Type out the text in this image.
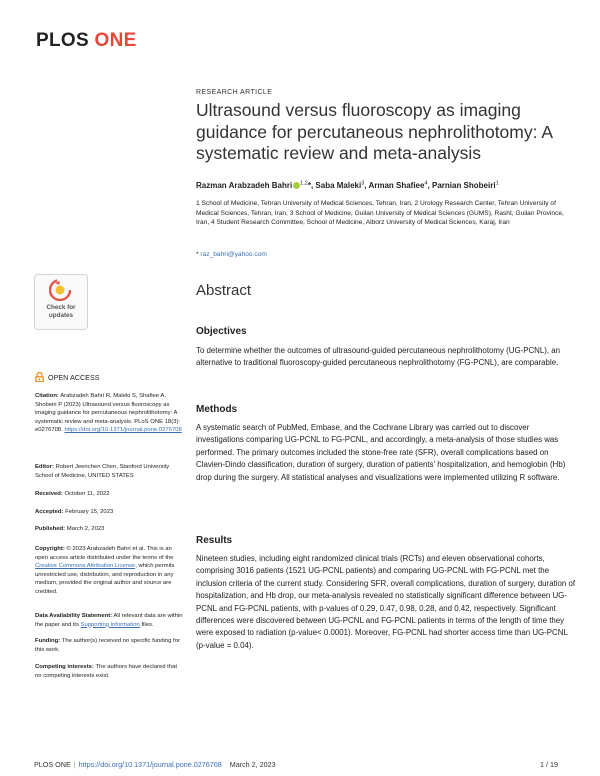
PLOS ONE
RESEARCH ARTICLE
Ultrasound versus fluoroscopy as imaging guidance for percutaneous nephrolithotomy: A systematic review and meta-analysis
Razman Arabzadeh Bahri $^{1,2}$*, Saba Maleki$^3$, Arman Shafiee$^4$, Parnian Shobeiri$^1$
1 School of Medicine, Tehran University of Medical Sciences, Tehran, Iran, 2 Urology Research Center, Tehran University of Medical Sciences, Tehran, Iran, 3 School of Medicine, Guilan University of Medical Sciences (GUMS), Rasht, Guilan Province, Iran, 4 Student Research Committee, School of Medicine, Alborz University of Medical Sciences, Karaj, Iran
* raz_bahri@yahoo.com
Abstract
Objectives

To determine whether the outcomes of ultrasound-guided percutaneous nephrolithotomy (UG-PCNL), an alternative to traditional fluoroscopy-guided percutaneous nephrolithotomy (FG-PCNL), are comparable.

Methods

A systematic search of PubMed, Embase, and the Cochrane Library was carried out to discover investigations comparing UG-PCNL to FG-PCNL, and accordingly, a meta-analysis of those studies was performed. The primary outcomes included the stone-free rate (SFR), overall complications based on Clavien-Dindo classification, duration of surgery, duration of patients' hospitalization, and hemoglobin (Hb) drop during the surgery. All statistical analyses and visualizations were implemented utilizing R software.

Results

Nineteen studies, including eight randomized clinical trials (RCTs) and eleven observational cohorts, comprising 3016 patients (1521 UG-PCNL patients) and comparing UG-PCNL with FG-PCNL met the inclusion criteria of the current study. Considering SFR, overall complications, duration of surgery, duration of hospitalization, and Hb drop, our meta-analysis revealed no statistically significant difference between UG-PCNL and FG-PCNL patients, with p-values of 0.29, 0.47, 0.98, 0.28, and 0.42, respectively. Significant differences were discovered between UG-PCNL and FG-PCNL patients in terms of the length of time they were exposed to radiation (p-value< 0.0001). Moreover, FG-PCNL had shorter access time than UG-PCNL (p-value = 0.04).

Check for
updates
OPEN ACCESS

Citation: Arabzadeh Bahri R, Maleki S, Shafiee A, Shobeiri P (2023) Ultrasound versus fluoroscopy as imaging guidance for percutaneous nephrolithotomy: A systematic review and meta-analysis. PLoS ONE 18(3): e0276708. https://doi.org/10.1371/journal.pone.0276708

Editor: Robert Jeenchen Chen, Stanford University School of Medicine, UNITED STATES

Received: October 11, 2022

Accepted: February 15, 2023

Published: March 2, 2023

Copyright: © 2023 Arabzadeh Bahri et al. This is an open access article distributed under the terms of the Creative Commons Attribution License, which permits unrestricted use, distribution, and reproduction in any medium, provided the original author and source are credited.

Data Availability Statement: All relevant data are within the paper and its Supporting information files.

Funding: The author(s) received no specific funding for this work.

Competing interests: The authors have declared that no competing interests exist.

PLOS ONE | https://doi.org/10.1371/journal.pone.0276708 March 2, 2023	1 / 19
